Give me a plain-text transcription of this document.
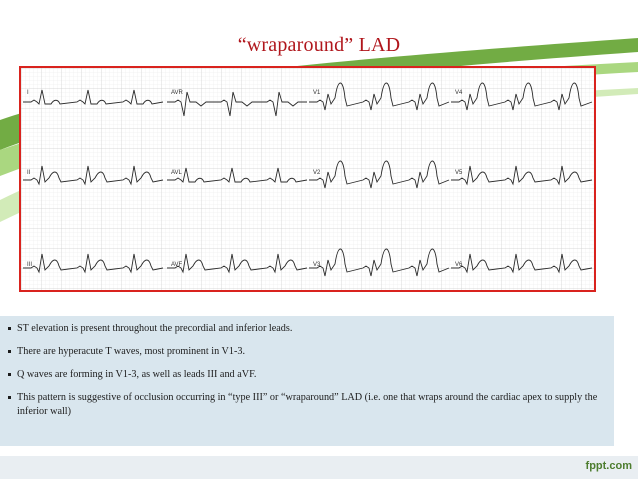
“wraparound” LAD
I
II
III
AVR
AVL
AVF
V1
V2
V3
V4
V5
V6
ST elevation is present throughout the precordial and inferior leads.
There are hyperacute T waves, most prominent in V1-3.
Q waves are forming in V1-3, as well as leads III and aVF.
This pattern is suggestive of occlusion occurring in “type III” or “wraparound” LAD (i.e. one that wraps around the cardiac apex to supply the inferior wall)
fppt.com
